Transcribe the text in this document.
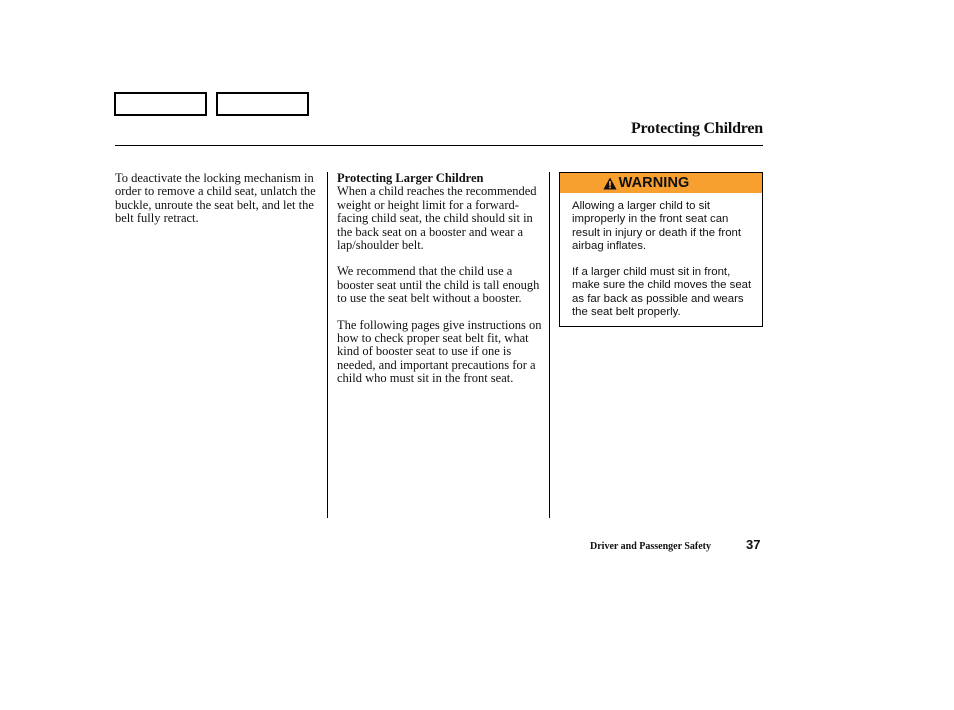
Protecting Children

To deactivate the locking mechanism in order to remove a child seat, unlatch the buckle, unroute the seat belt, and let the belt fully retract.

Protecting Larger Children

When a child reaches the recommended weight or height limit for a forward-facing child seat, the child should sit in the back seat on a booster and wear a lap/shoulder belt.

We recommend that the child use a booster seat until the child is tall enough to use the seat belt without a booster.

The following pages give instructions on how to check proper seat belt fit, what kind of booster seat to use if one is needed, and important precautions for a child who must sit in the front seat.

WARNING

Allowing a larger child to sit improperly in the front seat can result in injury or death if the front airbag inflates.

If a larger child must sit in front, make sure the child moves the seat as far back as possible and wears the seat belt properly.

Driver and Passenger Safety	37
